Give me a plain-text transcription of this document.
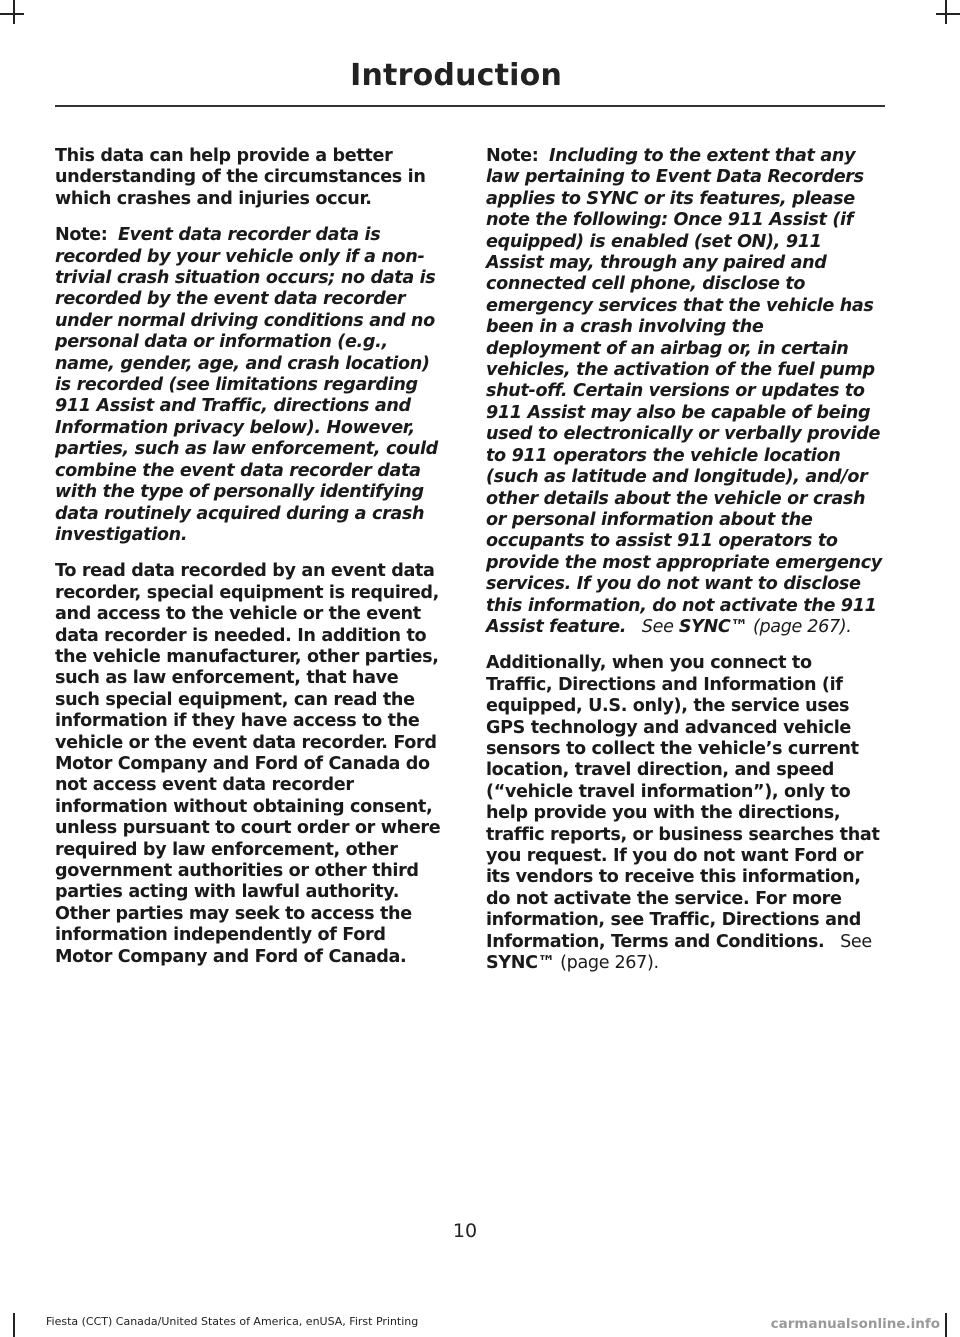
Introduction

This data can help provide a better understanding of the circumstances in which crashes and injuries occur.

Note: Event data recorder data is recorded by your vehicle only if a non-trivial crash situation occurs; no data is recorded by the event data recorder under normal driving conditions and no personal data or information (e.g., name, gender, age, and crash location) is recorded (see limitations regarding 911 Assist and Traffic, directions and Information privacy below). However, parties, such as law enforcement, could combine the event data recorder data with the type of personally identifying data routinely acquired during a crash investigation.

To read data recorded by an event data recorder, special equipment is required, and access to the vehicle or the event data recorder is needed. In addition to the vehicle manufacturer, other parties, such as law enforcement, that have such special equipment, can read the information if they have access to the vehicle or the event data recorder. Ford Motor Company and Ford of Canada do not access event data recorder information without obtaining consent, unless pursuant to court order or where required by law enforcement, other government authorities or other third parties acting with lawful authority. Other parties may seek to access the information independently of Ford Motor Company and Ford of Canada.

Note: Including to the extent that any law pertaining to Event Data Recorders applies to SYNC or its features, please note the following: Once 911 Assist (if equipped) is enabled (set ON), 911 Assist may, through any paired and connected cell phone, disclose to emergency services that the vehicle has been in a crash involving the deployment of an airbag or, in certain vehicles, the activation of the fuel pump shut-off. Certain versions or updates to 911 Assist may also be capable of being used to electronically or verbally provide to 911 operators the vehicle location (such as latitude and longitude), and/or other details about the vehicle or crash or personal information about the occupants to assist 911 operators to provide the most appropriate emergency services. If you do not want to disclose this information, do not activate the 911 Assist feature. See SYNC™ (page 267).

Additionally, when you connect to Traffic, Directions and Information (if equipped, U.S. only), the service uses GPS technology and advanced vehicle sensors to collect the vehicle’s current location, travel direction, and speed (“vehicle travel information”), only to help provide you with the directions, traffic reports, or business searches that you request. If you do not want Ford or its vendors to receive this information, do not activate the service. For more information, see Traffic, Directions and Information, Terms and Conditions. See SYNC™ (page 267).

10
Fiesta (CCT) Canada/United States of America, enUSA, First Printing	carmanualsonline.info
